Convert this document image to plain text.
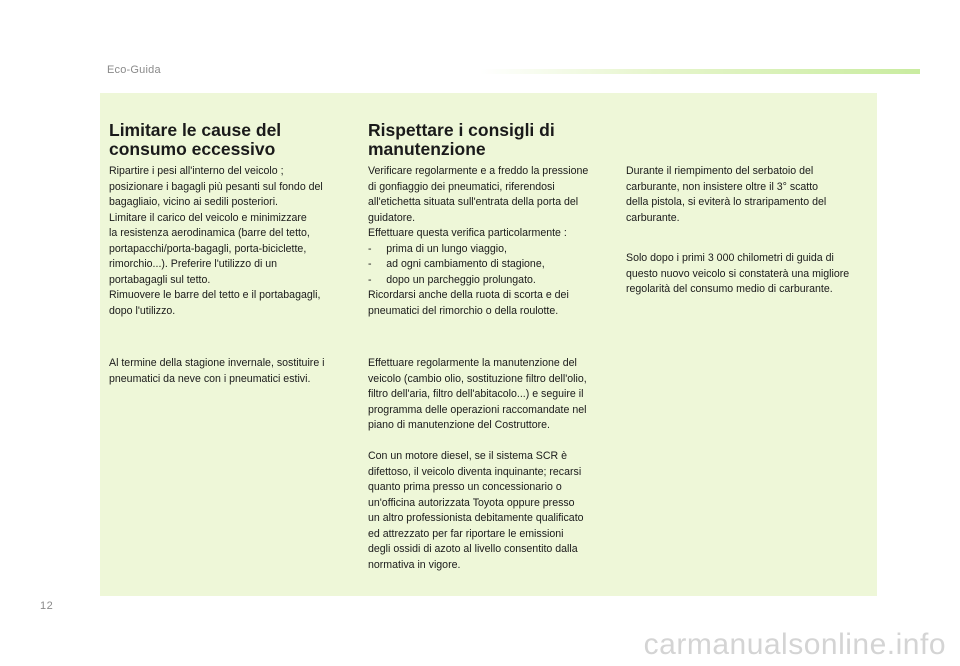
Eco-Guida
Limitare le cause del
consumo eccessivo

Ripartire i pesi all'interno del veicolo ;
posizionare i bagagli più pesanti sul fondo del
bagagliaio, vicino ai sedili posteriori.
Limitare il carico del veicolo e minimizzare
la resistenza aerodinamica (barre del tetto,
portapacchi/porta-bagagli, porta-biciclette,
rimorchio...). Preferire l'utilizzo di un
portabagagli sul tetto.
Rimuovere le barre del tetto e il portabagagli,
dopo l'utilizzo.

Al termine della stagione invernale, sostituire i
pneumatici da neve con i pneumatici estivi.

Rispettare i consigli di
manutenzione

Verificare regolarmente e a freddo la pressione
di gonfiaggio dei pneumatici, riferendosi
all'etichetta situata sull'entrata della porta del
guidatore.
Effettuare questa verifica particolarmente :
-     prima di un lungo viaggio,
-     ad ogni cambiamento di stagione,
-     dopo un parcheggio prolungato.
Ricordarsi anche della ruota di scorta e dei
pneumatici del rimorchio o della roulotte.

Effettuare regolarmente la manutenzione del
veicolo (cambio olio, sostituzione filtro dell'olio,
filtro dell'aria, filtro dell'abitacolo...) e seguire il
programma delle operazioni raccomandate nel
piano di manutenzione del Costruttore.

Con un motore diesel, se il sistema SCR è
difettoso, il veicolo diventa inquinante; recarsi
quanto prima presso un concessionario o
un'officina autorizzata Toyota oppure presso
un altro professionista debitamente qualificato
ed attrezzato per far riportare le emissioni
degli ossidi di azoto al livello consentito dalla
normativa in vigore.

Durante il riempimento del serbatoio del
carburante, non insistere oltre il 3° scatto
della pistola, si eviterà lo straripamento del
carburante.

Solo dopo i primi 3 000 chilometri di guida di
questo nuovo veicolo si constaterà una migliore
regolarità del consumo medio di carburante.

12
carmanualsonline.info
